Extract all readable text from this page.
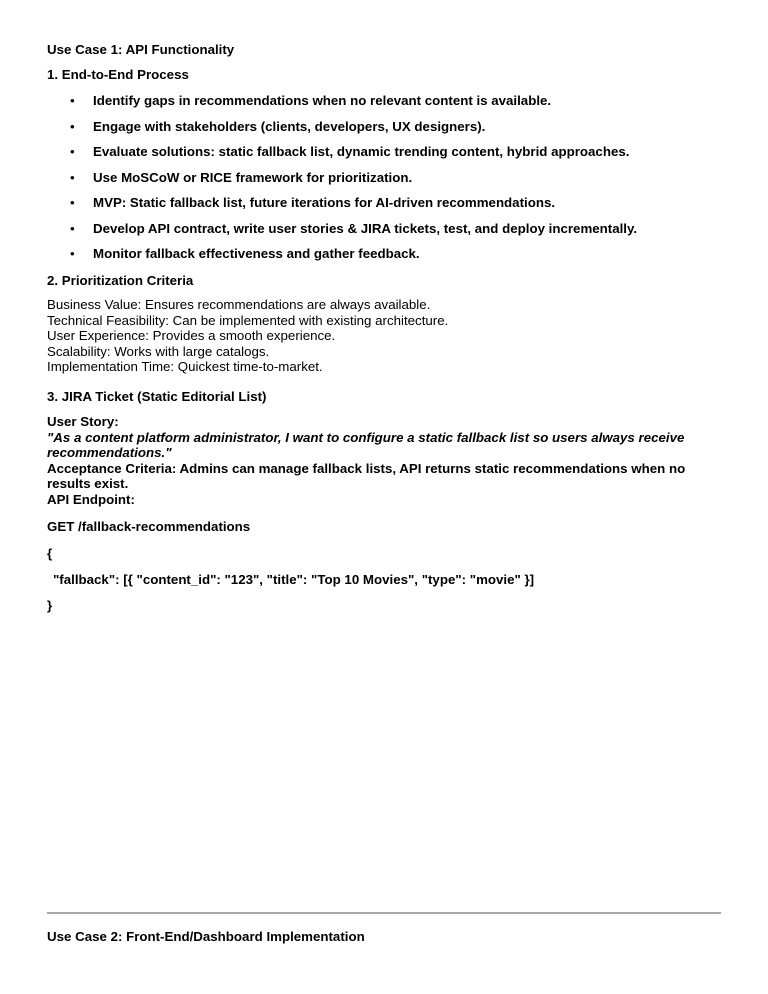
Use Case 1: API Functionality
1. End-to-End Process
• Identify gaps in recommendations when no relevant content is available.
• Engage with stakeholders (clients, developers, UX designers).
• Evaluate solutions: static fallback list, dynamic trending content, hybrid approaches.
• Use MoSCoW or RICE framework for prioritization.
• MVP: Static fallback list, future iterations for AI-driven recommendations.
• Develop API contract, write user stories & JIRA tickets, test, and deploy incrementally.
• Monitor fallback effectiveness and gather feedback.
2. Prioritization Criteria
Business Value: Ensures recommendations are always available.
Technical Feasibility: Can be implemented with existing architecture.
User Experience: Provides a smooth experience.
Scalability: Works with large catalogs.
Implementation Time: Quickest time-to-market.
3. JIRA Ticket (Static Editorial List)
User Story:
"As a content platform administrator, I want to configure a static fallback list so users always receive recommendations."
Acceptance Criteria: Admins can manage fallback lists, API returns static recommendations when no results exist.
API Endpoint:
GET /fallback-recommendations
{
"fallback": [{ "content_id": "123", "title": "Top 10 Movies", "type": "movie" }]
}
Use Case 2: Front-End/Dashboard Implementation
